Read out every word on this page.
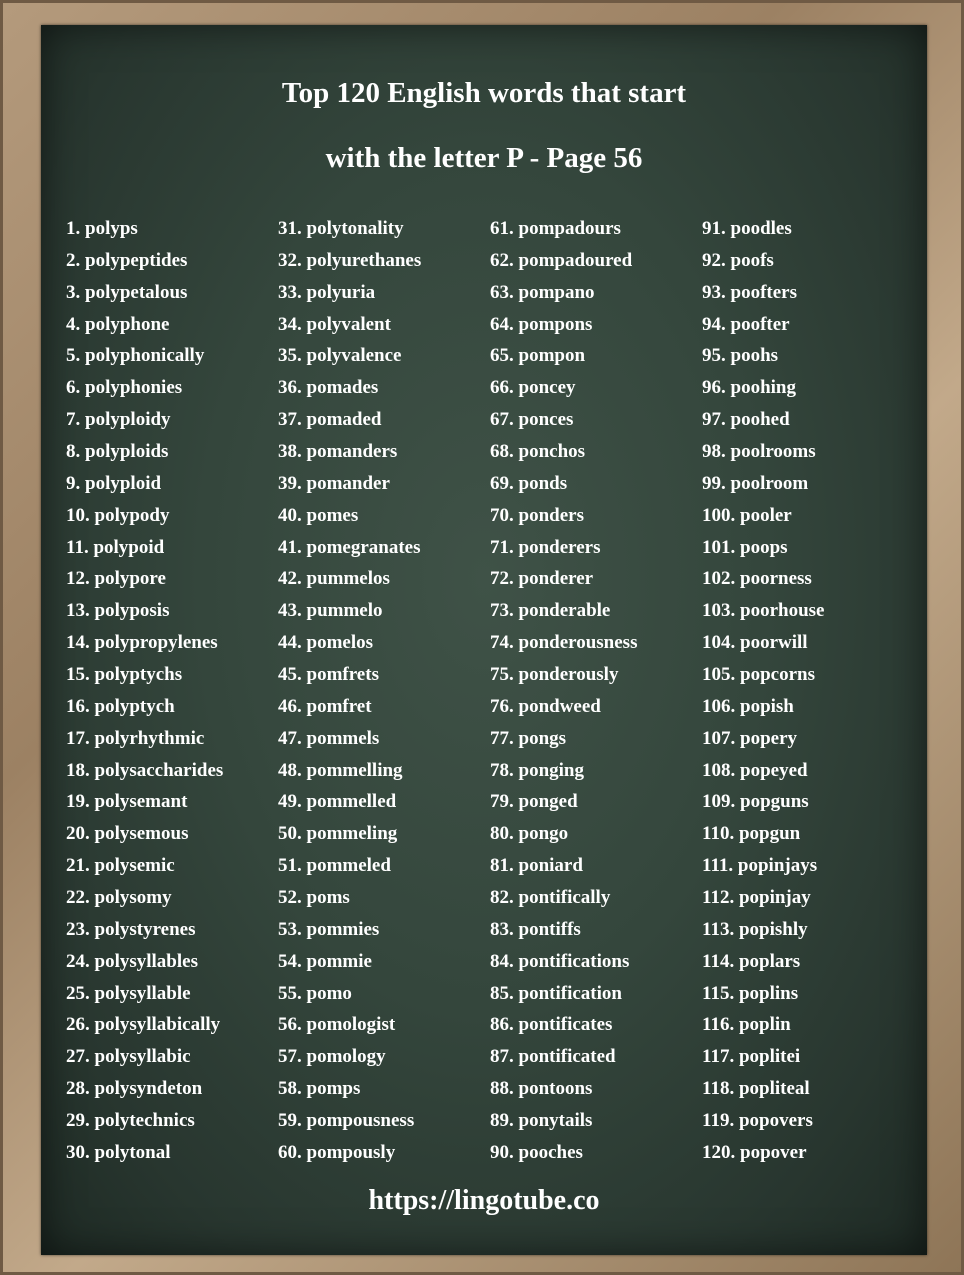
Top 120 English words that start
with the letter P - Page 56
1. polyps
2. polypeptides
3. polypetalous
4. polyphone
5. polyphonically
6. polyphonies
7. polyploidy
8. polyploids
9. polyploid
10. polypody
11. polypoid
12. polypore
13. polyposis
14. polypropylenes
15. polyptychs
16. polyptych
17. polyrhythmic
18. polysaccharides
19. polysemant
20. polysemous
21. polysemic
22. polysomy
23. polystyrenes
24. polysyllables
25. polysyllable
26. polysyllabically
27. polysyllabic
28. polysyndeton
29. polytechnics
30. polytonal
31. polytonality
32. polyurethanes
33. polyuria
34. polyvalent
35. polyvalence
36. pomades
37. pomaded
38. pomanders
39. pomander
40. pomes
41. pomegranates
42. pummelos
43. pummelo
44. pomelos
45. pomfrets
46. pomfret
47. pommels
48. pommelling
49. pommelled
50. pommeling
51. pommeled
52. poms
53. pommies
54. pommie
55. pomo
56. pomologist
57. pomology
58. pomps
59. pompousness
60. pompously
61. pompadours
62. pompadoured
63. pompano
64. pompons
65. pompon
66. poncey
67. ponces
68. ponchos
69. ponds
70. ponders
71. ponderers
72. ponderer
73. ponderable
74. ponderousness
75. ponderously
76. pondweed
77. pongs
78. ponging
79. ponged
80. pongo
81. poniard
82. pontifically
83. pontiffs
84. pontifications
85. pontification
86. pontificates
87. pontificated
88. pontoons
89. ponytails
90. pooches
91. poodles
92. poofs
93. poofters
94. poofter
95. poohs
96. poohing
97. poohed
98. poolrooms
99. poolroom
100. pooler
101. poops
102. poorness
103. poorhouse
104. poorwill
105. popcorns
106. popish
107. popery
108. popeyed
109. popguns
110. popgun
111. popinjays
112. popinjay
113. popishly
114. poplars
115. poplins
116. poplin
117. poplitei
118. popliteal
119. popovers
120. popover
https://lingotube.co
